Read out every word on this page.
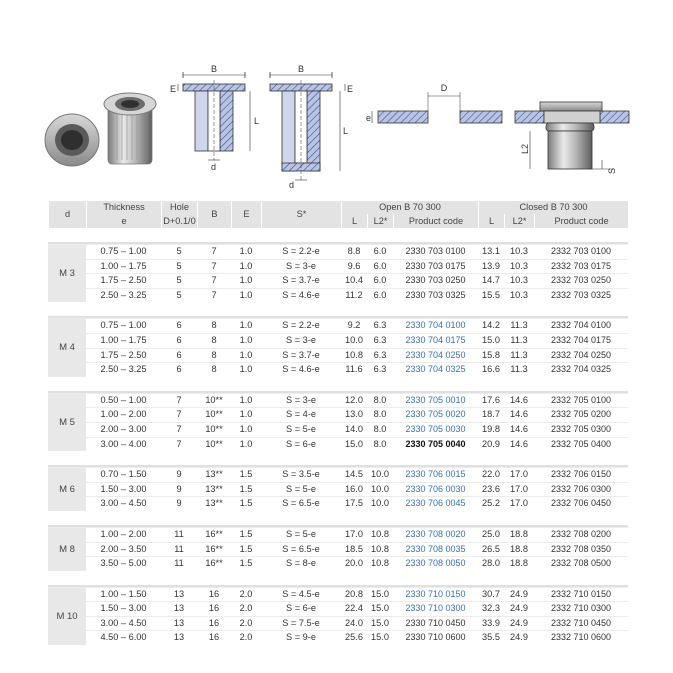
B
E
L
d
B
E
L
d
D
e
L2
S
d	Thickness	Hole	B	E	S*	Open B 70 300			Closed B 70 300		
	e	D+0.1/0				L	L2*	Product code	L	L2*	Product code

M 3	0.75 – 1.00	5	7	1.0	S = 2.2-e	8.8	6.0	2330 703 0100	13.1	10.3	2332 703 0100
	1.00 – 1.75	5	7	1.0	S = 3-e	9.6	6.0	2330 703 0175	13.9	10.3	2332 703 0175
	1.75 – 2.50	5	7	1.0	S = 3.7-e	10.4	6.0	2330 703 0250	14.7	10.3	2332 703 0250
	2.50 – 3.25	5	7	1.0	S = 4.6-e	11.2	6.0	2330 703 0325	15.5	10.3	2332 703 0325

M 4	0.75 – 1.00	6	8	1.0	S = 2.2-e	9.2	6.3	2330 704 0100	14.2	11.3	2332 704 0100
	1.00 – 1.75	6	8	1.0	S = 3-e	10.0	6.3	2330 704 0175	15.0	11.3	2332 704 0175
	1.75 – 2.50	6	8	1.0	S = 3.7-e	10.8	6.3	2330 704 0250	15.8	11.3	2332 704 0250
	2.50 – 3.25	6	8	1.0	S = 4.6-e	11.6	6.3	2330 704 0325	16.6	11.3	2332 704 0325

M 5	0.50 – 1.00	7	10**	1.0	S = 3-e	12.0	8.0	2330 705 0010	17.6	14.6	2332 705 0100
	1.00 – 2.00	7	10**	1.0	S = 4-e	13.0	8.0	2330 705 0020	18.7	14.6	2332 705 0200
	2.00 – 3.00	7	10**	1.0	S = 5-e	14.0	8.0	2330 705 0030	19.8	14.6	2332 705 0300
	3.00 – 4.00	7	10**	1.0	S = 6-e	15.0	8.0	2330 705 0040	20.9	14.6	2332 705 0400

M 6	0.70 – 1.50	9	13**	1.5	S = 3.5-e	14.5	10.0	2330 706 0015	22.0	17.0	2332 706 0150
	1.50 – 3.00	9	13**	1.5	S = 5-e	16.0	10.0	2330 706 0030	23.6	17.0	2332 706 0300
	3.00 – 4.50	9	13**	1.5	S = 6.5-e	17.5	10.0	2330 706 0045	25.2	17.0	2332 706 0450

M 8	1.00 – 2.00	11	16**	1.5	S = 5-e	17.0	10.8	2330 708 0020	25.0	18.8	2332 708 0200
	2.00 – 3.50	11	16**	1.5	S = 6.5-e	18.5	10.8	2330 708 0035	26.5	18.8	2332 708 0350
	3.50 – 5.00	11	16**	1.5	S = 8-e	20.0	10.8	2330 708 0050	28.0	18.8	2332 708 0500

M 10	1.00 – 1.50	13	16	2.0	S = 4.5-e	20.8	15.0	2330 710 0150	30.7	24.9	2332 710 0150
	1.50 – 3.00	13	16	2.0	S = 6-e	22.4	15.0	2330 710 0300	32.3	24.9	2332 710 0300
	3.00 – 4.50	13	16	2.0	S = 7.5-e	24.0	15.0	2330 710 0450	33.9	24.9	2332 710 0450
	4.50 – 6.00	13	16	2.0	S = 9-e	25.6	15.0	2330 710 0600	35.5	24.9	2332 710 0600
